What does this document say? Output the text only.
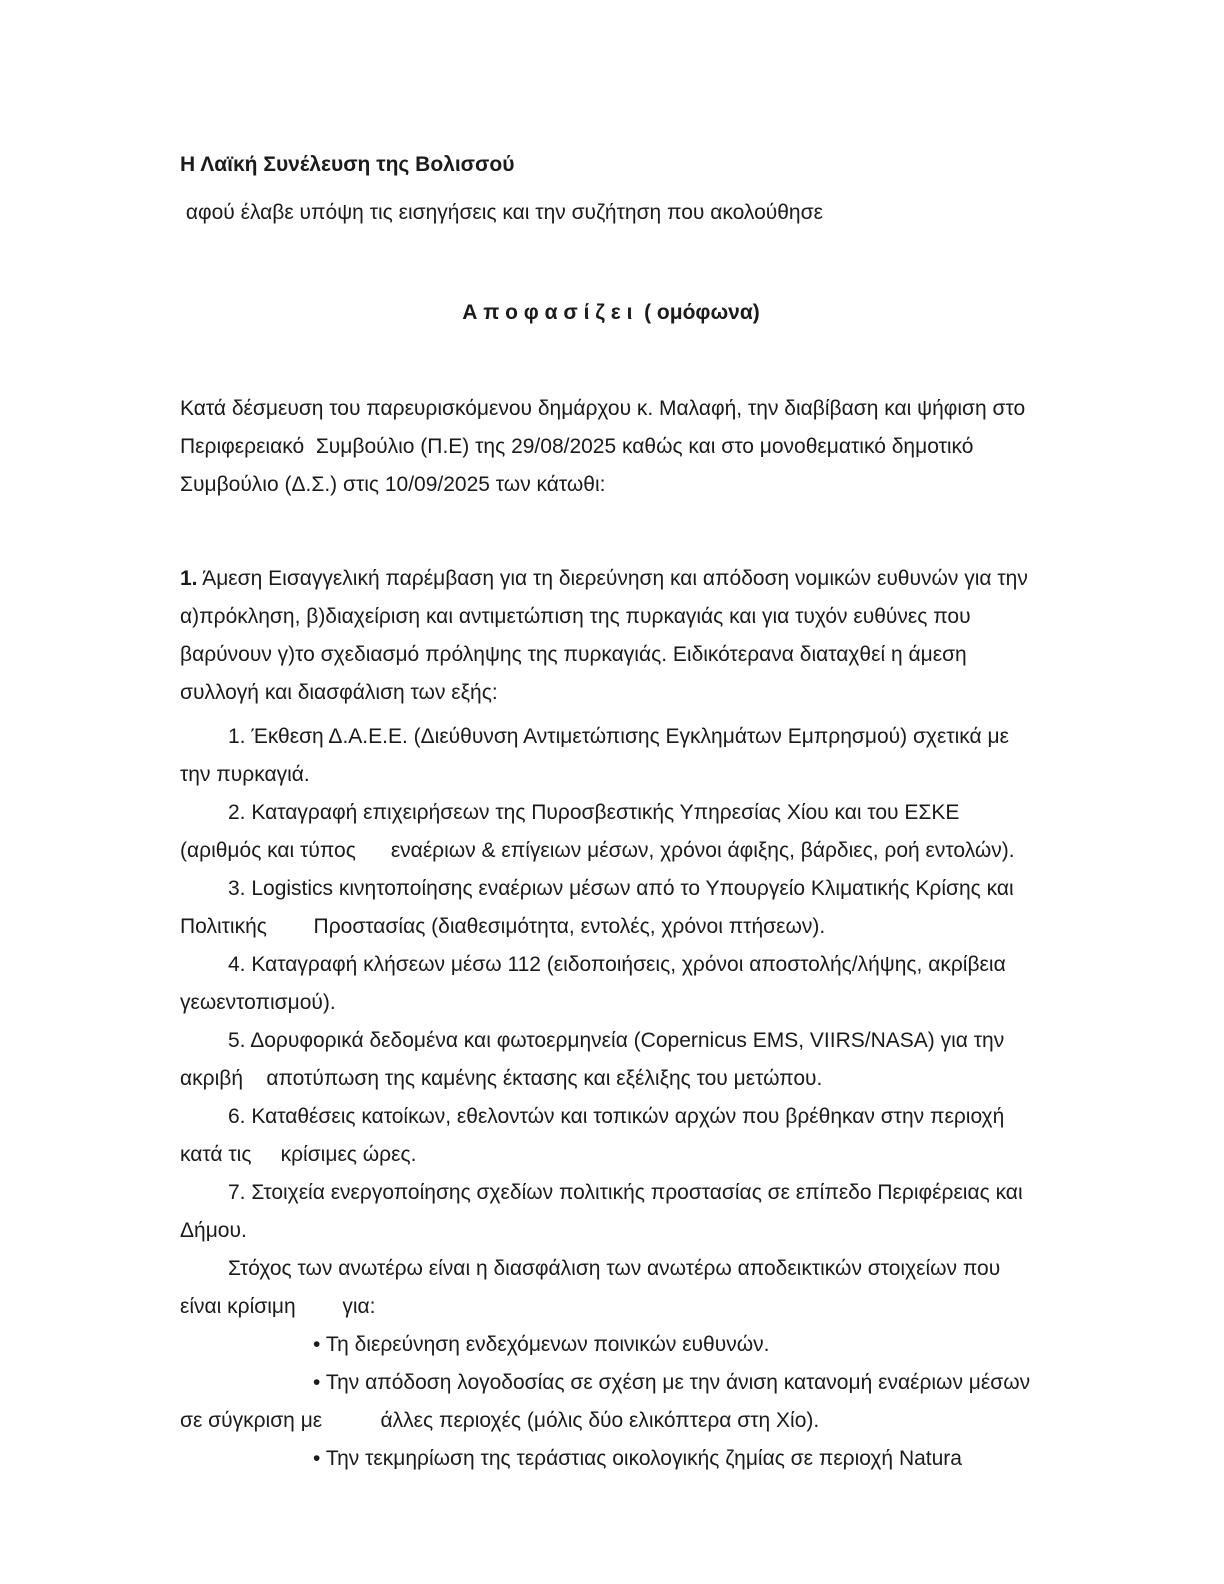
Η Λαϊκή Συνέλευση της Βολισσού

αφού έλαβε υπόψη τις εισηγήσεις και την συζήτηση που ακολούθησε

Α π ο φ α σ ί ζ ε ι  ( ομόφωνα)

Κατά δέσμευση του παρευρισκόμενου δημάρχου κ. Μαλαφή, την διαβίβαση και ψήφιση στο Περιφερειακό  Συμβούλιο (Π.Ε) της 29/08/2025 καθώς και στο μονοθεματικό δημοτικό Συμβούλιο (Δ.Σ.) στις 10/09/2025 των κάτωθι:

1. Άμεση Εισαγγελική παρέμβαση για τη διερεύνηση και απόδοση νομικών ευθυνών για την α)πρόκληση, β)διαχείριση και αντιμετώπιση της πυρκαγιάς και για τυχόν ευθύνες που βαρύνουν γ)το σχεδιασμό πρόληψης της πυρκαγιάς. Ειδικότερανα διαταχθεί η άμεση συλλογή και διασφάλιση των εξής:

1. Έκθεση Δ.Α.Ε.Ε. (Διεύθυνση Αντιμετώπισης Εγκλημάτων Εμπρησμού) σχετικά με την πυρκαγιά.

2. Καταγραφή επιχειρήσεων της Πυροσβεστικής Υπηρεσίας Χίου και του ΕΣΚΕ (αριθμός και τύπος      εναέριων & επίγειων μέσων, χρόνοι άφιξης, βάρδιες, ροή εντολών).

3. Logistics κινητοποίησης εναέριων μέσων από το Υπουργείο Κλιματικής Κρίσης και Πολιτικής        Προστασίας (διαθεσιμότητα, εντολές, χρόνοι πτήσεων).

4. Καταγραφή κλήσεων μέσω 112 (ειδοποιήσεις, χρόνοι αποστολής/λήψης, ακρίβεια      γεωεντοπισμού).

5. Δορυφορικά δεδομένα και φωτοερμηνεία (Copernicus EMS, VIIRS/NASA) για την ακριβή    αποτύπωση της καμένης έκτασης και εξέλιξης του μετώπου.

6. Καταθέσεις κατοίκων, εθελοντών και τοπικών αρχών που βρέθηκαν στην περιοχή κατά τις     κρίσιμες ώρες.

7. Στοιχεία ενεργοποίησης σχεδίων πολιτικής προστασίας σε επίπεδο Περιφέρειας και Δήμου.

Στόχος των ανωτέρω είναι η διασφάλιση των ανωτέρω αποδεικτικών στοιχείων που είναι κρίσιμη        για:

• Τη διερεύνηση ενδεχόμενων ποινικών ευθυνών.

• Την απόδοση λογοδοσίας σε σχέση με την άνιση κατανομή εναέριων μέσων σε σύγκριση με          άλλες περιοχές (μόλις δύο ελικόπτερα στη Χίο).

• Την τεκμηρίωση της τεράστιας οικολογικής ζημίας σε περιοχή Natura
